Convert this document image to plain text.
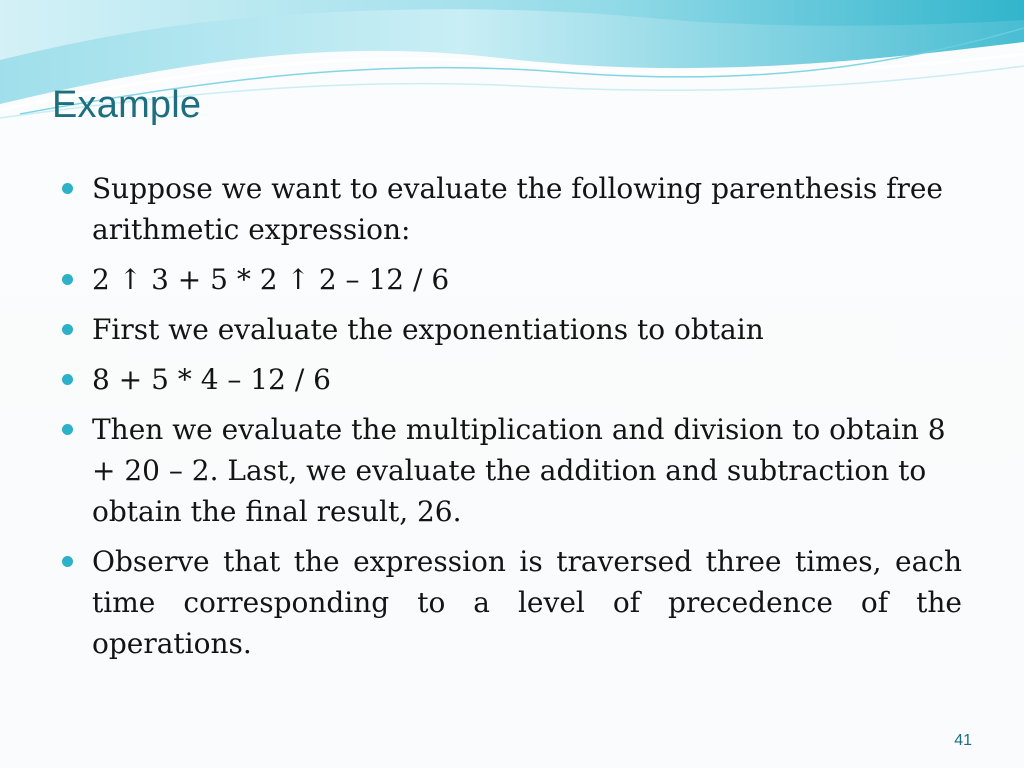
Example
Suppose we want to evaluate the following parenthesis free arithmetic expression:
2 ↑ 3 + 5 * 2 ↑ 2 – 12 / 6
First we evaluate the exponentiations to obtain
8 + 5 * 4 – 12 / 6
Then we evaluate the multiplication and division to obtain 8 + 20 – 2. Last, we evaluate the addition and subtraction to obtain the final result, 26.
Observe that the expression is traversed three times, each time corresponding to a level of precedence of the operations.
41
